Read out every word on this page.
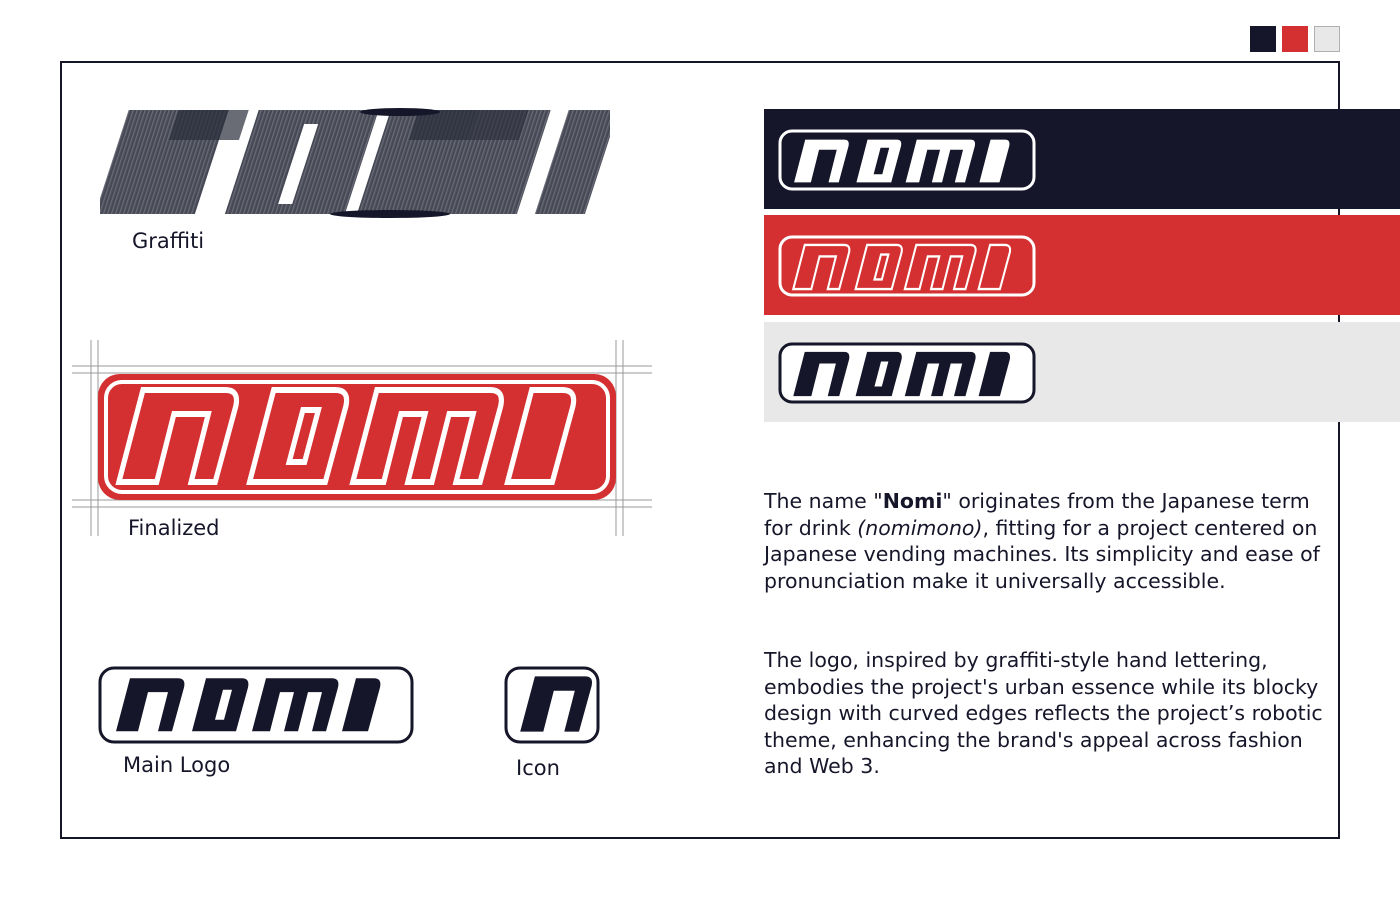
Graffiti
Finalized
Main Logo	Icon

The name "Nomi" originates from the Japanese term for drink (nomimono), fitting for a project centered on Japanese vending machines. Its simplicity and ease of pronunciation make it universally accessible.

The logo, inspired by graffiti-style hand lettering, embodies the project's urban essence while its blocky design with curved edges reflects the project’s robotic theme, enhancing the brand's appeal across fashion and Web 3.
